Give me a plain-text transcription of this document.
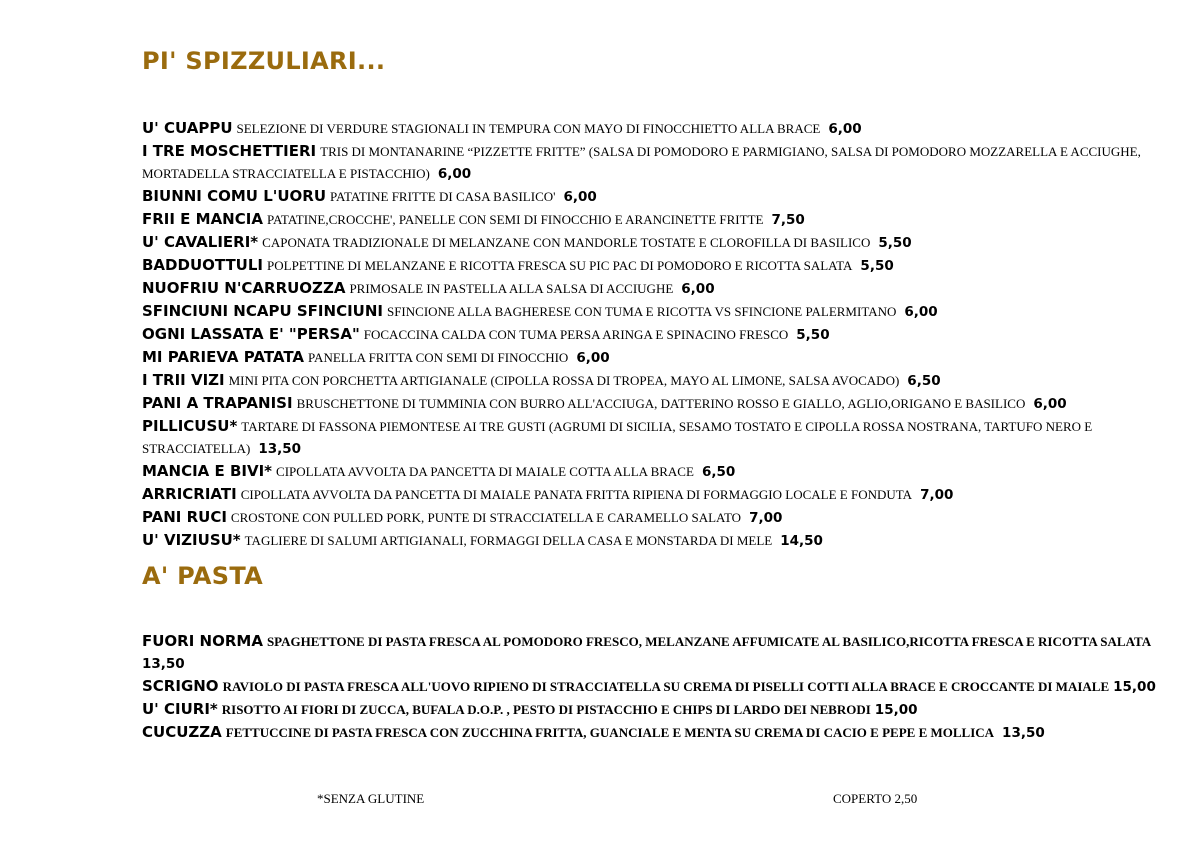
PI' SPIZZULIARI...
U' CUAPPU SELEZIONE DI VERDURE STAGIONALI IN TEMPURA CON MAYO DI FINOCCHIETTO ALLA BRACE 6,00
I TRE MOSCHETTIERI TRIS DI MONTANARINE “PIZZETTE FRITTE” (SALSA DI POMODORO E PARMIGIANO, SALSA DI POMODORO MOZZARELLA E ACCIUGHE, MORTADELLA STRACCIATELLA E PISTACCHIO) 6,00
BIUNNI COMU L'UORU PATATINE FRITTE DI CASA BASILICO' 6,00
FRII E MANCIA PATATINE,CROCCHE', PANELLE CON SEMI DI FINOCCHIO E ARANCINETTE FRITTE 7,50
U' CAVALIERI* CAPONATA TRADIZIONALE DI MELANZANE CON MANDORLE TOSTATE E CLOROFILLA DI BASILICO 5,50
BADDUOTTULI POLPETTINE DI MELANZANE E RICOTTA FRESCA SU PIC PAC DI POMODORO E RICOTTA SALATA 5,50
NUOFRIU N'CARRUOZZA PRIMOSALE IN PASTELLA ALLA SALSA DI ACCIUGHE 6,00
SFINCIUNI NCAPU SFINCIUNI SFINCIONE ALLA BAGHERESE CON TUMA E RICOTTA VS SFINCIONE PALERMITANO 6,00
OGNI LASSATA E' "PERSA" FOCACCINA CALDA CON TUMA PERSA ARINGA E SPINACINO FRESCO 5,50
MI PARIEVA PATATA PANELLA FRITTA CON SEMI DI FINOCCHIO 6,00
I TRII VIZI MINI PITA CON PORCHETTA ARTIGIANALE (CIPOLLA ROSSA DI TROPEA, MAYO AL LIMONE, SALSA AVOCADO) 6,50
PANI A TRAPANISI BRUSCHETTONE DI TUMMINIA CON BURRO ALL'ACCIUGA, DATTERINO ROSSO E GIALLO, AGLIO,ORIGANO E BASILICO 6,00
PILLICUSU* TARTARE DI FASSONA PIEMONTESE AI TRE GUSTI (AGRUMI DI SICILIA, SESAMO TOSTATO E CIPOLLA ROSSA NOSTRANA, TARTUFO NERO E STRACCIATELLA) 13,50
MANCIA E BIVI* CIPOLLATA AVVOLTA DA PANCETTA DI MAIALE COTTA ALLA BRACE 6,50
ARRICRIATI CIPOLLATA AVVOLTA DA PANCETTA DI MAIALE PANATA FRITTA RIPIENA DI FORMAGGIO LOCALE E FONDUTA 7,00
PANI RUCI CROSTONE CON PULLED PORK, PUNTE DI STRACCIATELLA E CARAMELLO SALATO 7,00
U' VIZIUSU* TAGLIERE DI SALUMI ARTIGIANALI, FORMAGGI DELLA CASA E MONSTARDA DI MELE 14,50
A' PASTA
FUORI NORMA SPAGHETTONE DI PASTA FRESCA AL POMODORO FRESCO, MELANZANE AFFUMICATE AL BASILICO,RICOTTA FRESCA E RICOTTA SALATA 13,50
SCRIGNO RAVIOLO DI PASTA FRESCA ALL'UOVO RIPIENO DI STRACCIATELLA SU CREMA DI PISELLI COTTI ALLA BRACE E CROCCANTE DI MAIALE 15,00
U' CIURI* RISOTTO AI FIORI DI ZUCCA, BUFALA D.O.P. , PESTO DI PISTACCHIO E CHIPS DI LARDO DEI NEBRODI 15,00
CUCUZZA FETTUCCINE DI PASTA FRESCA CON ZUCCHINA FRITTA, GUANCIALE E MENTA SU CREMA DI CACIO E PEPE E MOLLICA 13,50
*SENZA GLUTINE	COPERTO 2,50
